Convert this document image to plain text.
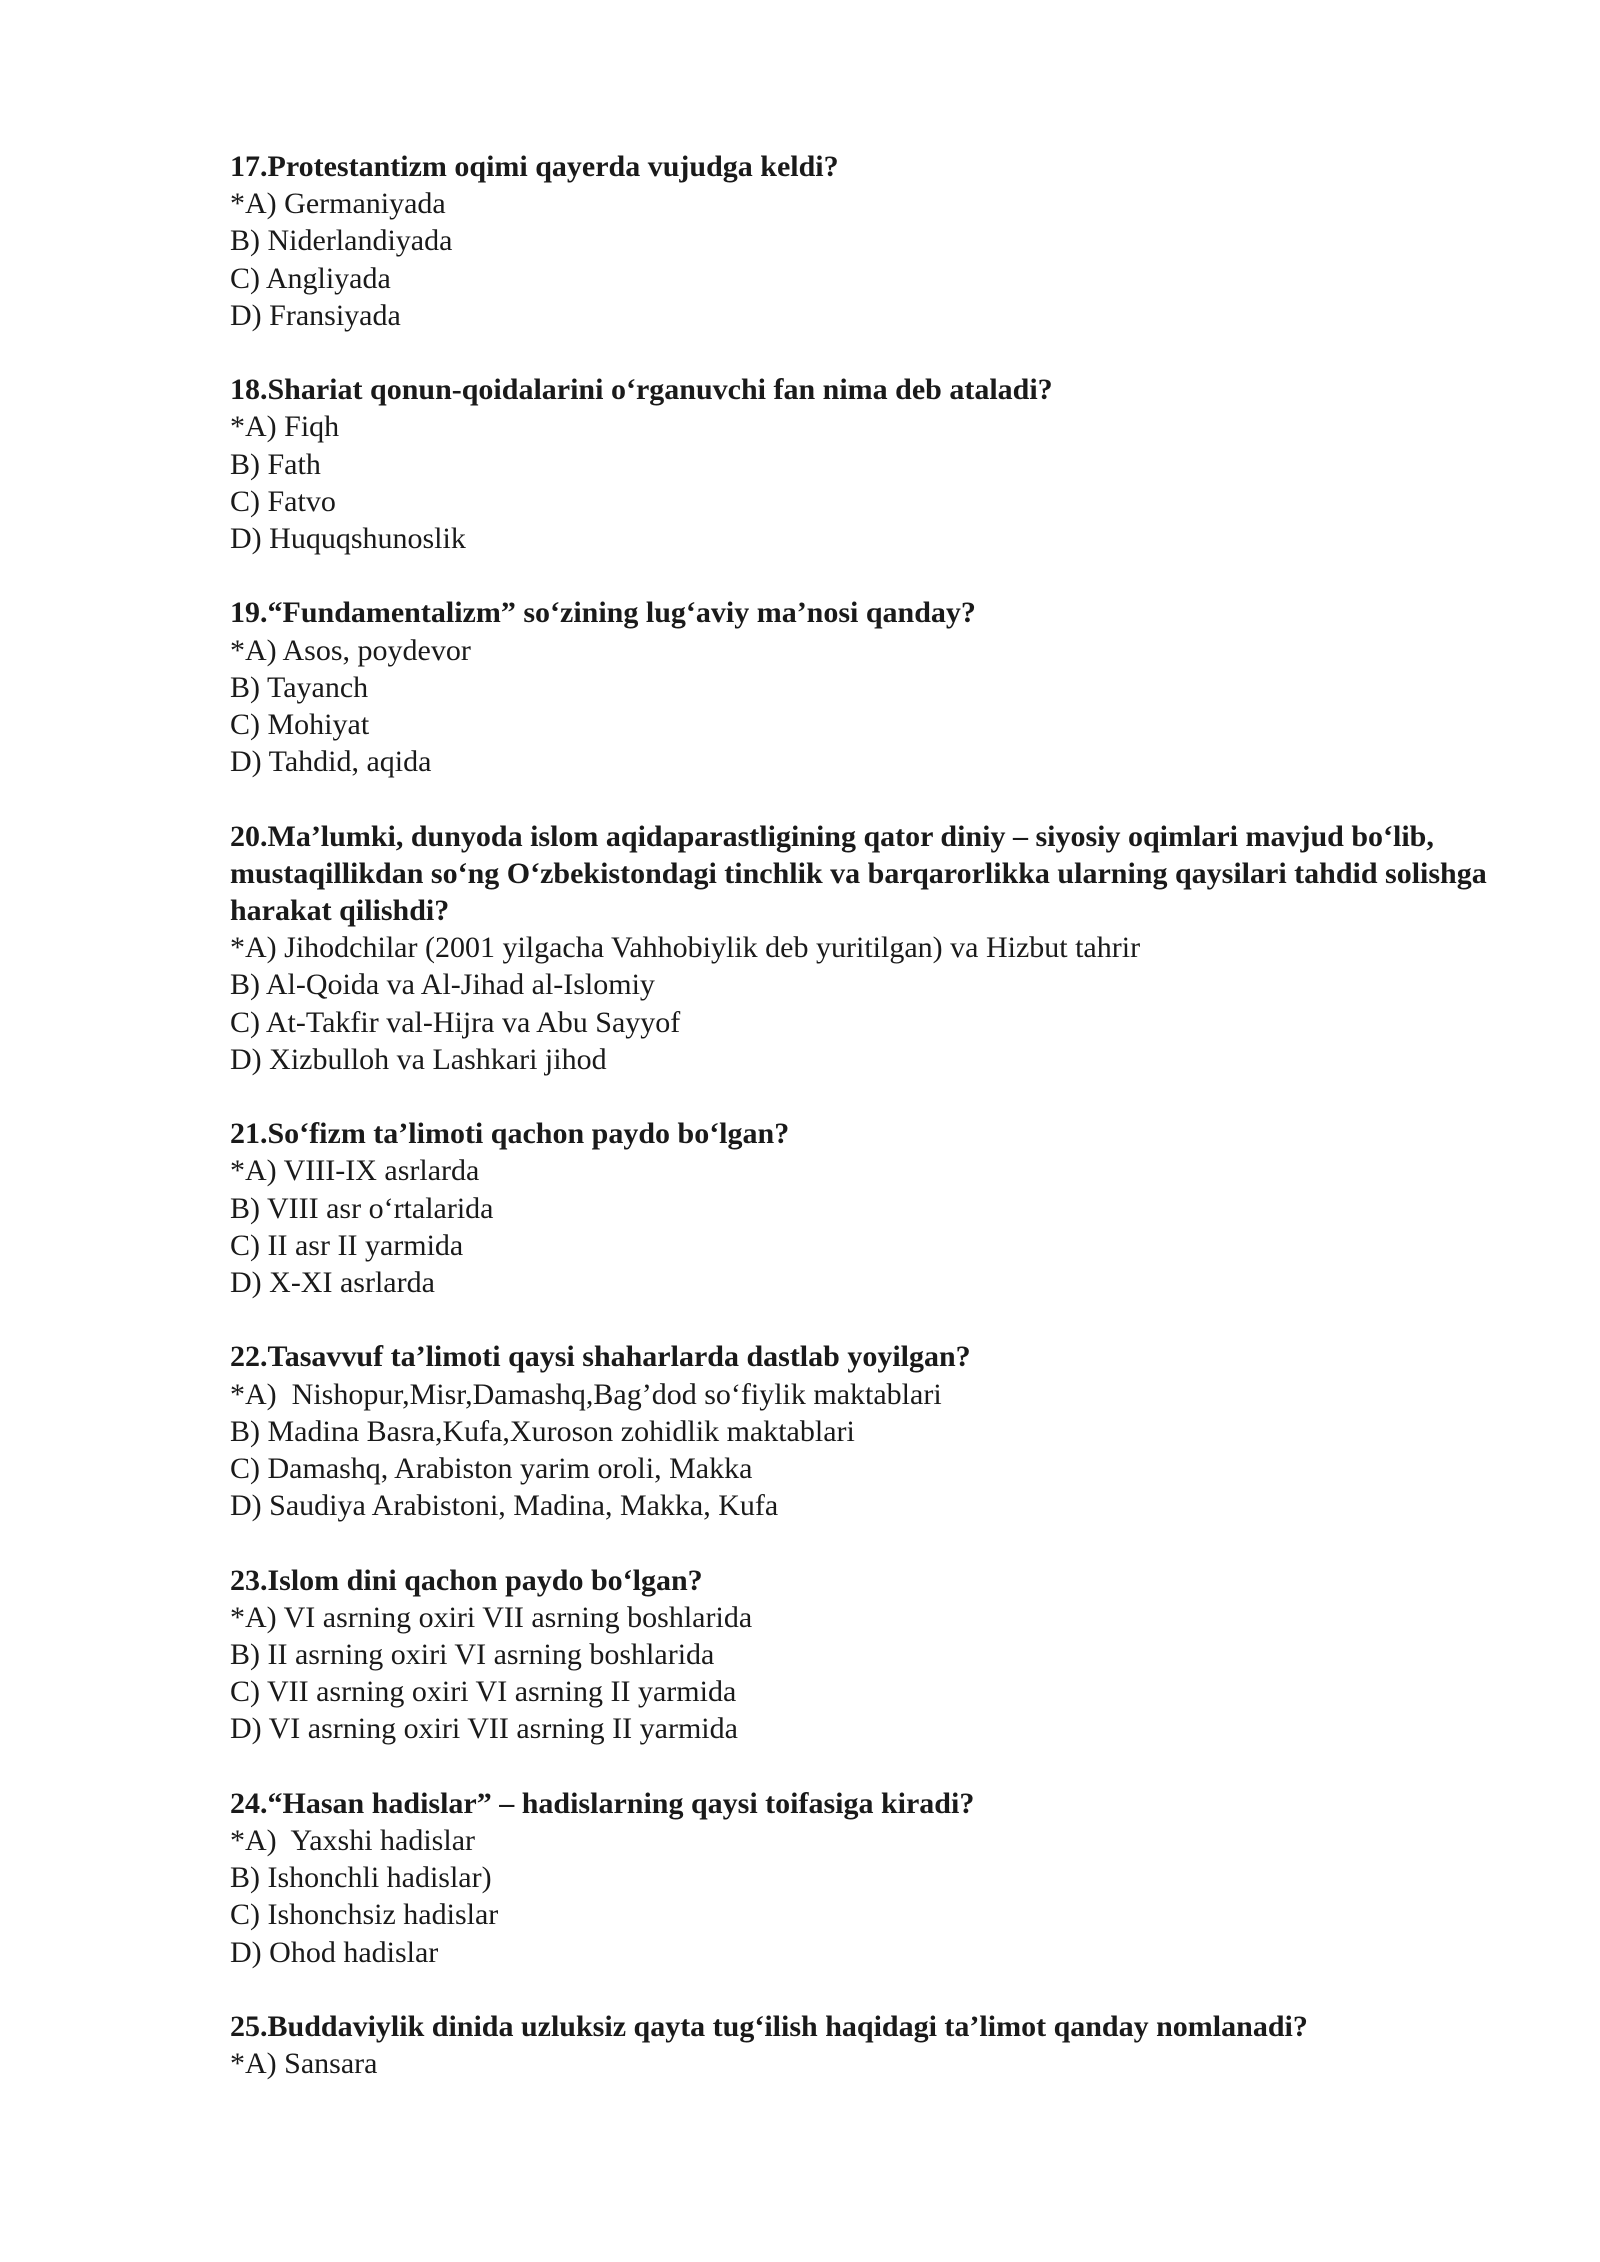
17.Protestantizm oqimi qayerda vujudga keldi?

*A) Germaniyada

B) Niderlandiyada

C) Angliyada

D) Fransiyada

18.Shariat qonun-qoidalarini o‘rganuvchi fan nima deb ataladi?

*A) Fiqh

B) Fath

C) Fatvo

D) Huquqshunoslik

19.“Fundamentalizm” so‘zining lug‘aviy ma’nosi qanday?

*A) Asos, poydevor

B) Tayanch

C) Mohiyat

D) Tahdid, aqida

20.Ma’lumki, dunyoda islom aqidaparastligining qator diniy – siyosiy oqimlari mavjud bo‘lib, mustaqillikdan so‘ng O‘zbekistondagi tinchlik va barqarorlikka ularning qaysilari tahdid solishga harakat qilishdi?

*A) Jihodchilar (2001 yilgacha Vahhobiylik deb yuritilgan) va Hizbut tahrir

B) Al-Qoida va Al-Jihad al-Islomiy

C) At-Takfir val-Hijra va Abu Sayyof

D) Xizbulloh va Lashkari jihod

21.So‘fizm ta’limoti qachon paydo bo‘lgan?

*A) VIII-IX asrlarda

B) VIII asr o‘rtalarida

C) II asr II yarmida

D) X-XI asrlarda

22.Tasavvuf ta’limoti qaysi shaharlarda dastlab yoyilgan?

*A)  Nishopur,Misr,Damashq,Bag’dod so‘fiylik maktablari

B) Madina Basra,Kufa,Xuroson zohidlik maktablari

C) Damashq, Arabiston yarim oroli, Makka

D) Saudiya Arabistoni, Madina, Makka, Kufa

23.Islom dini qachon paydo bo‘lgan?

*A) VI asrning oxiri VII asrning boshlarida

B) II asrning oxiri VI asrning boshlarida

C) VII asrning oxiri VI asrning II yarmida

D) VI asrning oxiri VII asrning II yarmida

24.“Hasan hadislar” – hadislarning qaysi toifasiga kiradi?

*A)  Yaxshi hadislar

B) Ishonchli hadislar)

C) Ishonchsiz hadislar

D) Ohod hadislar

25.Buddaviylik dinida uzluksiz qayta tug‘ilish haqidagi ta’limot qanday nomlanadi?

*A) Sansara
